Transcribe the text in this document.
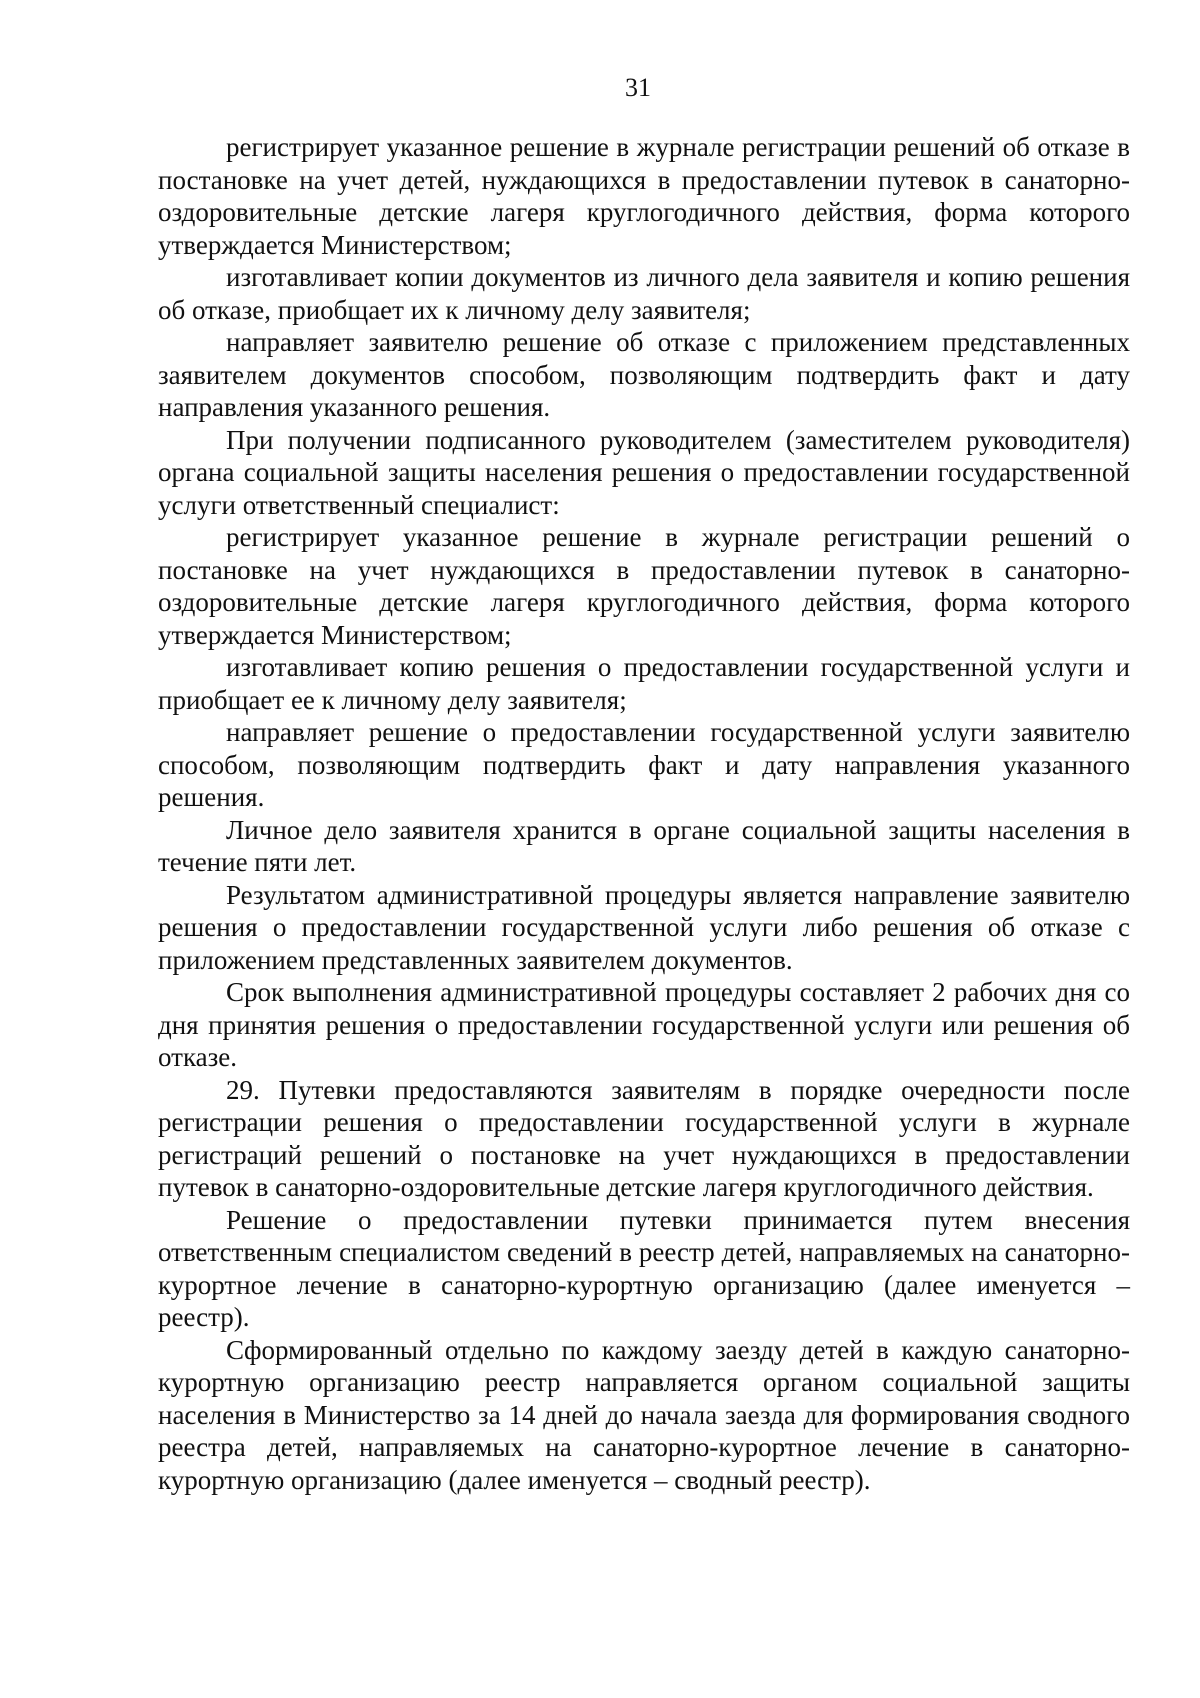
31

регистрирует указанное решение в журнале регистрации решений об отказе в постановке на учет детей, нуждающихся в предоставлении путевок в санаторно-оздоровительные детские лагеря круглогодичного действия, форма которого утверждается Министерством;

изготавливает копии документов из личного дела заявителя и копию решения об отказе, приобщает их к личному делу заявителя;

направляет заявителю решение об отказе с приложением представленных заявителем документов способом, позволяющим подтвердить факт и дату направления указанного решения.

При получении подписанного руководителем (заместителем руководителя) органа социальной защиты населения решения о предоставлении государственной услуги ответственный специалист:

регистрирует указанное решение в журнале регистрации решений о постановке на учет нуждающихся в предоставлении путевок в санаторно-оздоровительные детские лагеря круглогодичного действия, форма которого утверждается Министерством;

изготавливает копию решения о предоставлении государственной услуги и приобщает ее к личному делу заявителя;

направляет решение о предоставлении государственной услуги заявителю способом, позволяющим подтвердить факт и дату направления указанного решения.

Личное дело заявителя хранится в органе социальной защиты населения в течение пяти лет.

Результатом административной процедуры является направление заявителю решения о предоставлении государственной услуги либо решения об отказе с приложением представленных заявителем документов.

Срок выполнения административной процедуры составляет 2 рабочих дня со дня принятия решения о предоставлении государственной услуги или решения об отказе.

29. Путевки предоставляются заявителям в порядке очередности после регистрации решения о предоставлении государственной услуги в журнале регистраций решений о постановке на учет нуждающихся в предоставлении путевок в санаторно-оздоровительные детские лагеря круглогодичного действия.

Решение о предоставлении путевки принимается путем внесения ответственным специалистом сведений в реестр детей, направляемых на санаторно-курортное лечение в санаторно-курортную организацию (далее именуется – реестр).

Сформированный отдельно по каждому заезду детей в каждую санаторно-курортную организацию реестр направляется органом социальной защиты населения в Министерство за 14 дней до начала заезда для формирования сводного реестра детей, направляемых на санаторно-курортное лечение в санаторно-курортную организацию (далее именуется – сводный реестр).
